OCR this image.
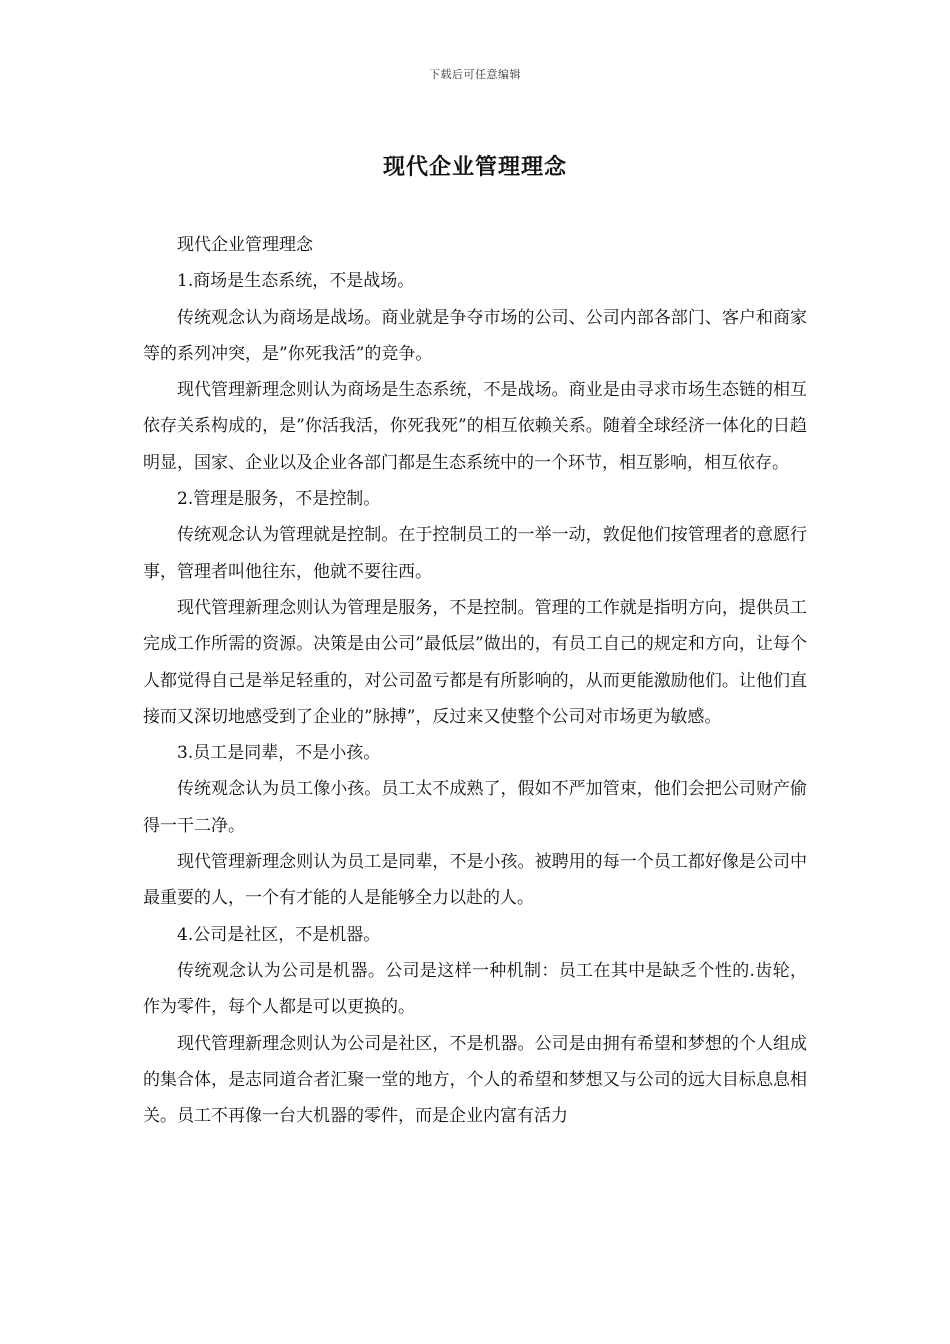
下载后可任意编辑
现代企业管理理念

现代企业管理理念

1.商场是生态系统，不是战场。

传统观念认为商场是战场。商业就是争夺市场的公司、公司内部各部门、客户和商家等的系列冲突，是”你死我活”的竞争。

现代管理新理念则认为商场是生态系统，不是战场。商业是由寻求市场生态链的相互依存关系构成的，是”你活我活，你死我死”的相互依赖关系。随着全球经济一体化的日趋明显，国家、企业以及企业各部门都是生态系统中的一个环节，相互影响，相互依存。

2.管理是服务，不是控制。

传统观念认为管理就是控制。在于控制员工的一举一动，敦促他们按管理者的意愿行事，管理者叫他往东，他就不要往西。

现代管理新理念则认为管理是服务，不是控制。管理的工作就是指明方向，提供员工完成工作所需的资源。决策是由公司”最低层”做出的，有员工自己的规定和方向，让每个人都觉得自己是举足轻重的，对公司盈亏都是有所影响的，从而更能激励他们。让他们直接而又深切地感受到了企业的”脉搏”，反过来又使整个公司对市场更为敏感。

3.员工是同辈，不是小孩。

传统观念认为员工像小孩。员工太不成熟了，假如不严加管束，他们会把公司财产偷得一干二净。

现代管理新理念则认为员工是同辈，不是小孩。被聘用的每一个员工都好像是公司中最重要的人，一个有才能的人是能够全力以赴的人。

4.公司是社区，不是机器。

传统观念认为公司是机器。公司是这样一种机制：员工在其中是缺乏个性的.齿轮，作为零件，每个人都是可以更换的。

现代管理新理念则认为公司是社区，不是机器。公司是由拥有希望和梦想的个人组成的集合体，是志同道合者汇聚一堂的地方，个人的希望和梦想又与公司的远大目标息息相关。员工不再像一台大机器的零件，而是企业内富有活力
